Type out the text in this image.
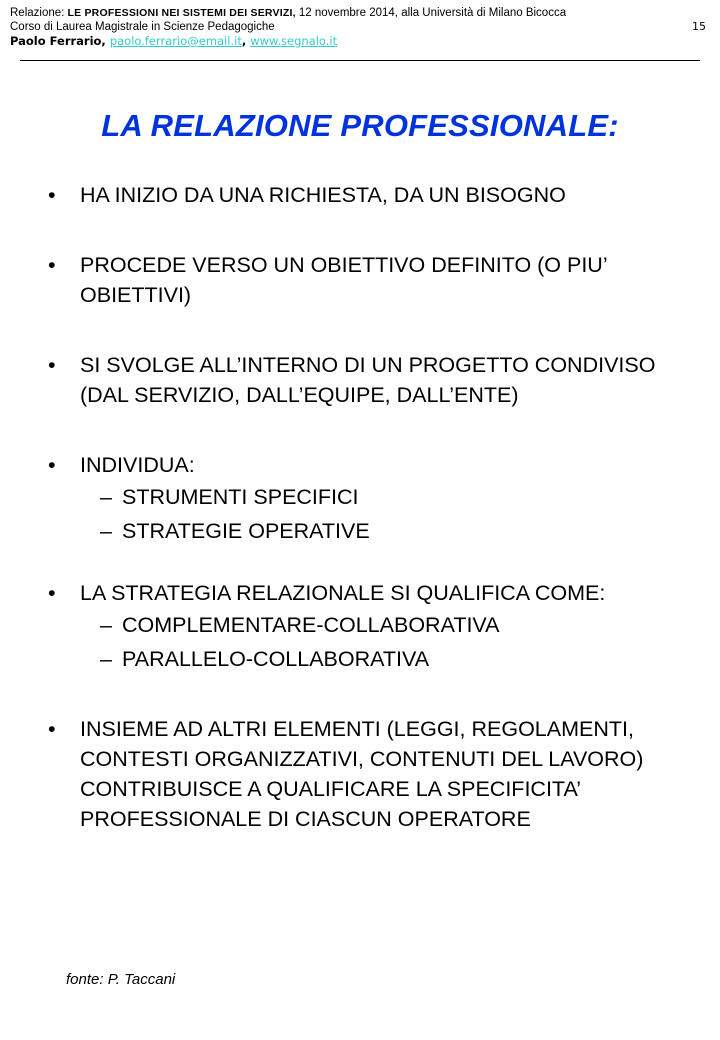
Relazione: LE PROFESSIONI NEI SISTEMI DEI SERVIZI, 12 novembre 2014, alla Università di Milano Bicocca
Corso di Laurea Magistrale in Scienze Pedagogiche
Paolo Ferrario, paolo.ferrario@email.it, www.segnalo.it
15
LA RELAZIONE PROFESSIONALE:
• HA INIZIO DA UNA RICHIESTA, DA UN BISOGNO
• PROCEDE VERSO UN OBIETTIVO DEFINITO (O PIU’ OBIETTIVI)
• SI SVOLGE ALL’INTERNO DI UN PROGETTO CONDIVISO (DAL SERVIZIO, DALL’EQUIPE, DALL’ENTE)
• INDIVIDUA:
– STRUMENTI SPECIFICI
– STRATEGIE OPERATIVE
• LA STRATEGIA RELAZIONALE SI QUALIFICA COME:
– COMPLEMENTARE-COLLABORATIVA
– PARALLELO-COLLABORATIVA
• INSIEME AD ALTRI ELEMENTI (LEGGI, REGOLAMENTI, CONTESTI ORGANIZZATIVI, CONTENUTI DEL LAVORO) CONTRIBUISCE A QUALIFICARE LA SPECIFICITA’ PROFESSIONALE DI CIASCUN OPERATORE
fonte: P. Taccani
